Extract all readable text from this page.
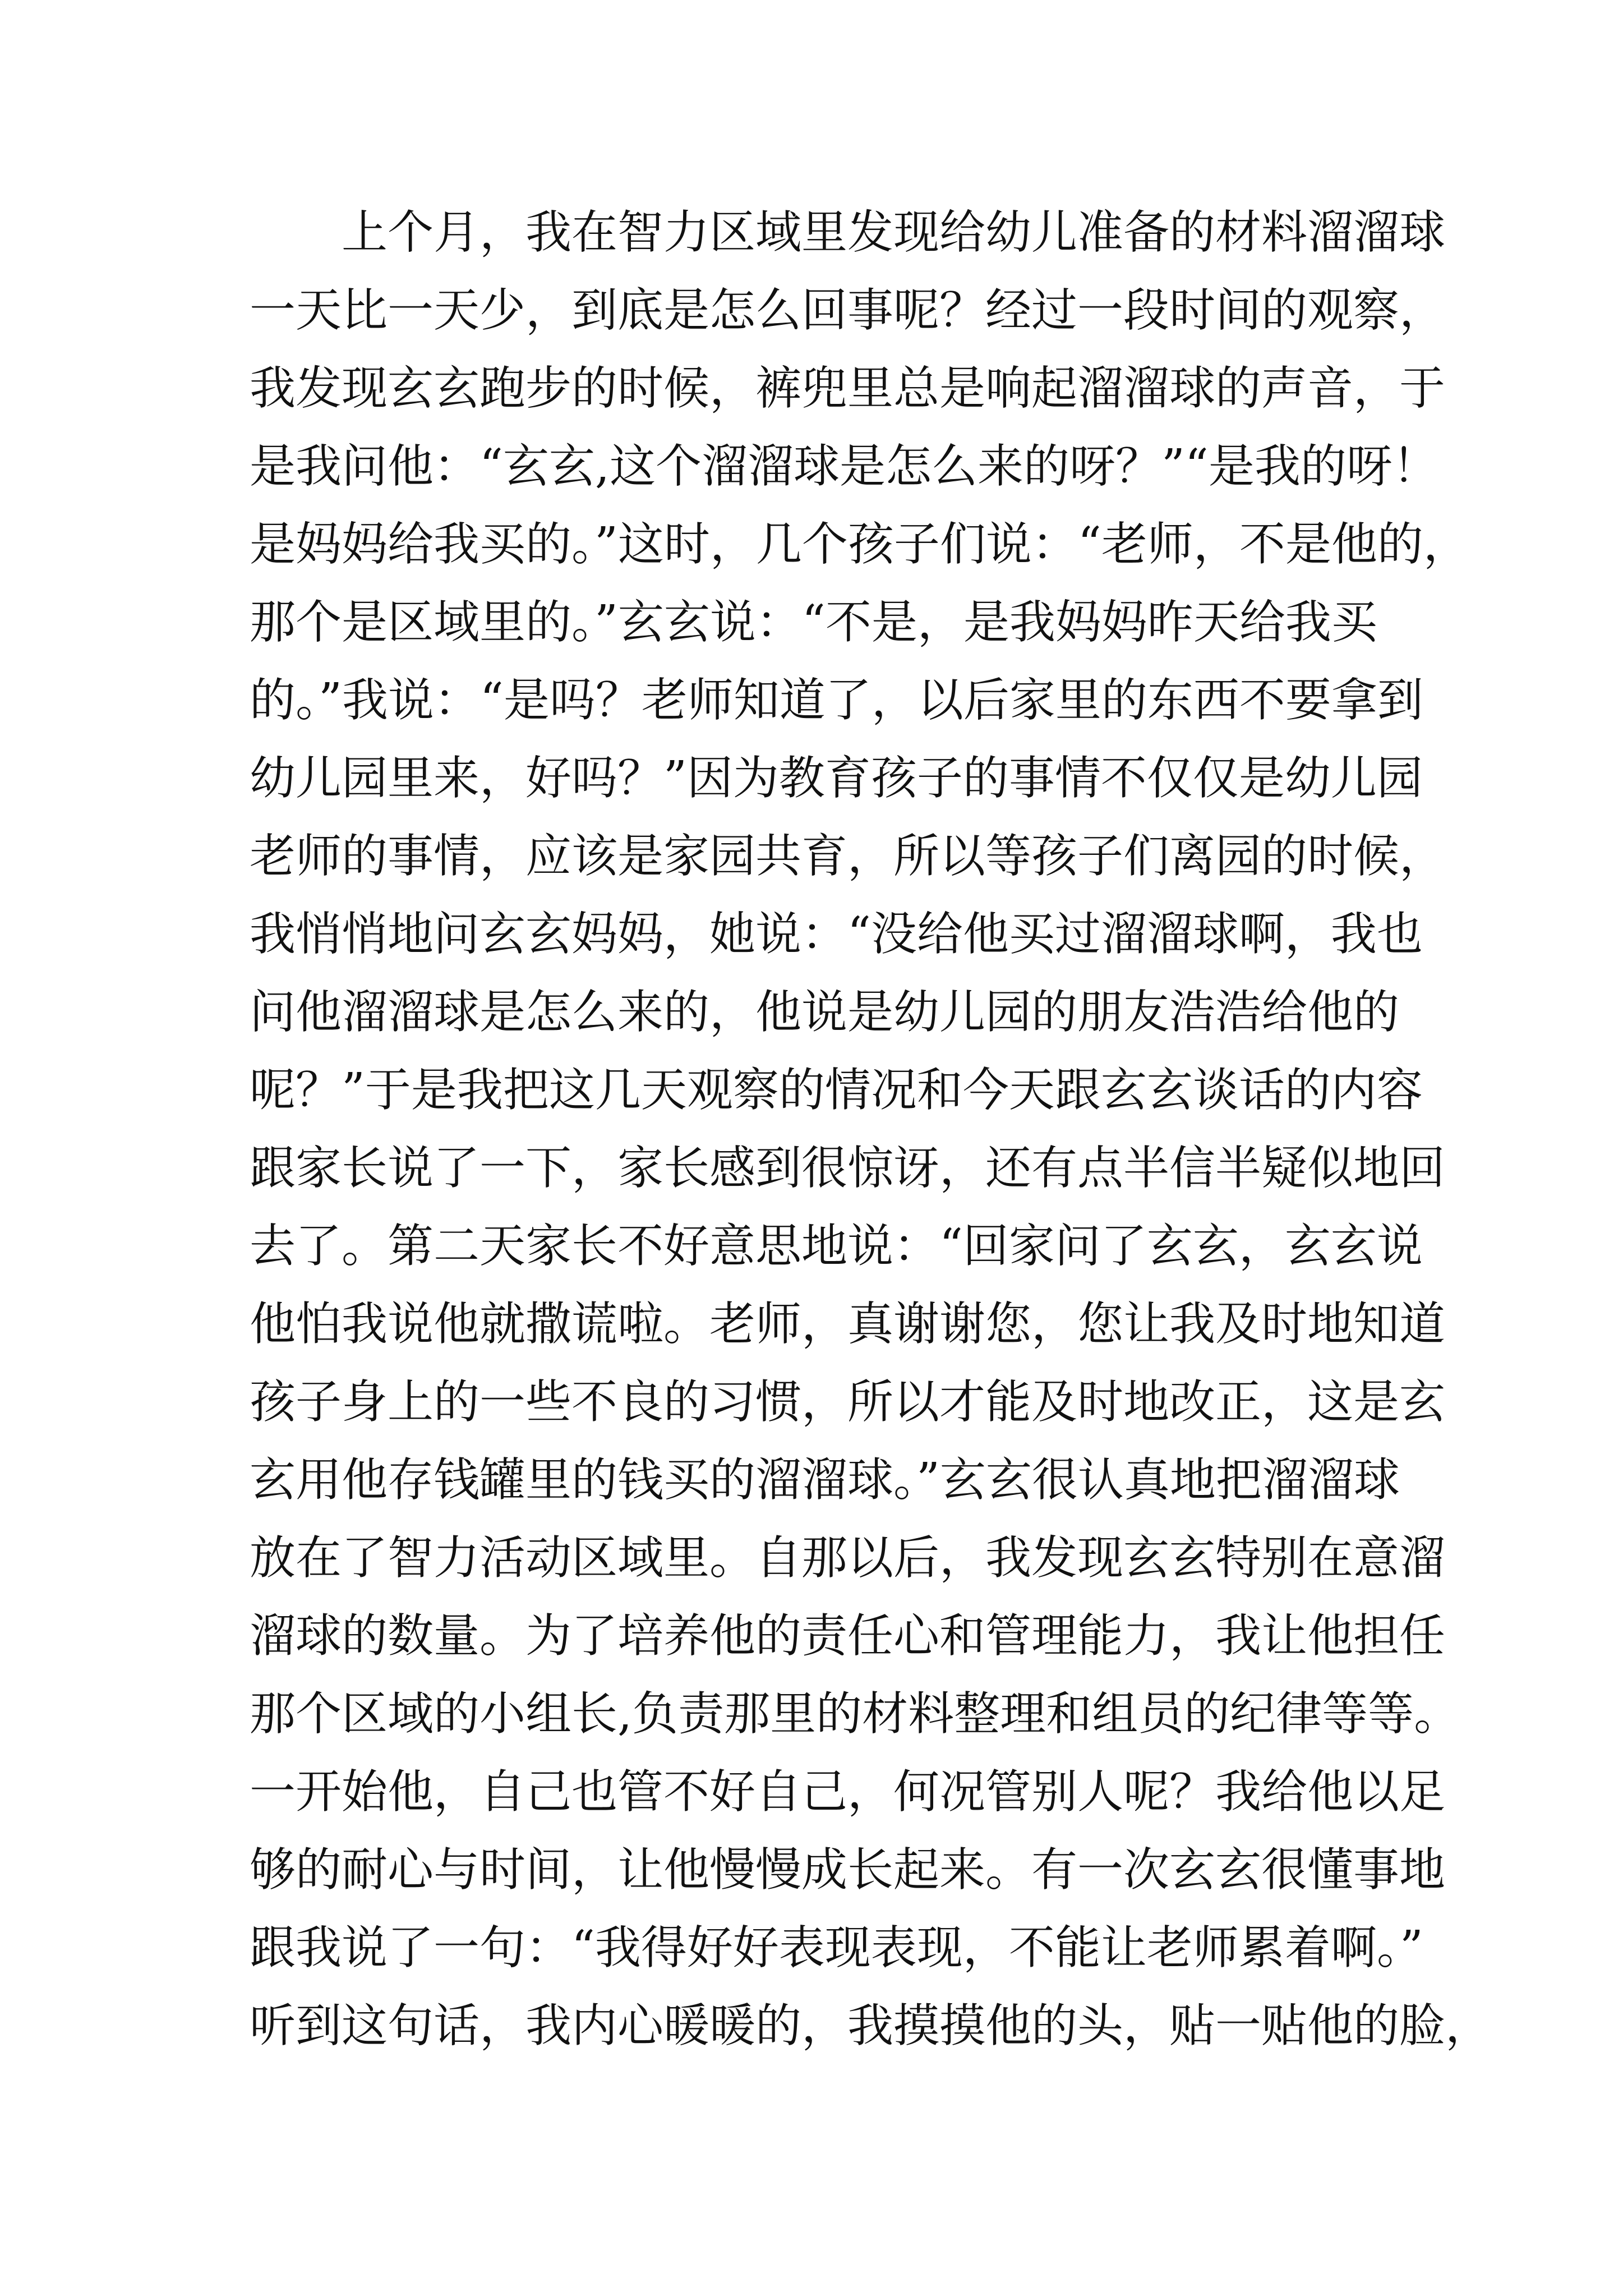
上个月，我在智力区域里发现给幼儿准备的材料溜溜球
一天比一天少，到底是怎么回事呢？经过一段时间的观察，
我发现玄玄跑步的时候，裤兜里总是响起溜溜球的声音，于
是我问他：“玄玄,这个溜溜球是怎么来的呀？”“是我的呀！
是妈妈给我买的。”这时，几个孩子们说：“老师，不是他的，
那个是区域里的。”玄玄说：“不是，是我妈妈昨天给我买
的。”我说：“是吗？老师知道了，以后家里的东西不要拿到
幼儿园里来，好吗？”因为教育孩子的事情不仅仅是幼儿园
老师的事情，应该是家园共育，所以等孩子们离园的时候，
我悄悄地问玄玄妈妈，她说：“没给他买过溜溜球啊，我也
问他溜溜球是怎么来的，他说是幼儿园的朋友浩浩给他的
呢？”于是我把这几天观察的情况和今天跟玄玄谈话的内容
跟家长说了一下，家长感到很惊讶，还有点半信半疑似地回
去了。第二天家长不好意思地说：“回家问了玄玄，玄玄说
他怕我说他就撒谎啦。老师，真谢谢您，您让我及时地知道
孩子身上的一些不良的习惯，所以才能及时地改正，这是玄
玄用他存钱罐里的钱买的溜溜球。”玄玄很认真地把溜溜球
放在了智力活动区域里。自那以后，我发现玄玄特别在意溜
溜球的数量。为了培养他的责任心和管理能力，我让他担任
那个区域的小组长,负责那里的材料整理和组员的纪律等等。
一开始他，自己也管不好自己，何况管别人呢？我给他以足
够的耐心与时间，让他慢慢成长起来。有一次玄玄很懂事地
跟我说了一句：“我得好好表现表现，不能让老师累着啊。”
听到这句话，我内心暖暖的，我摸摸他的头，贴一贴他的脸，
